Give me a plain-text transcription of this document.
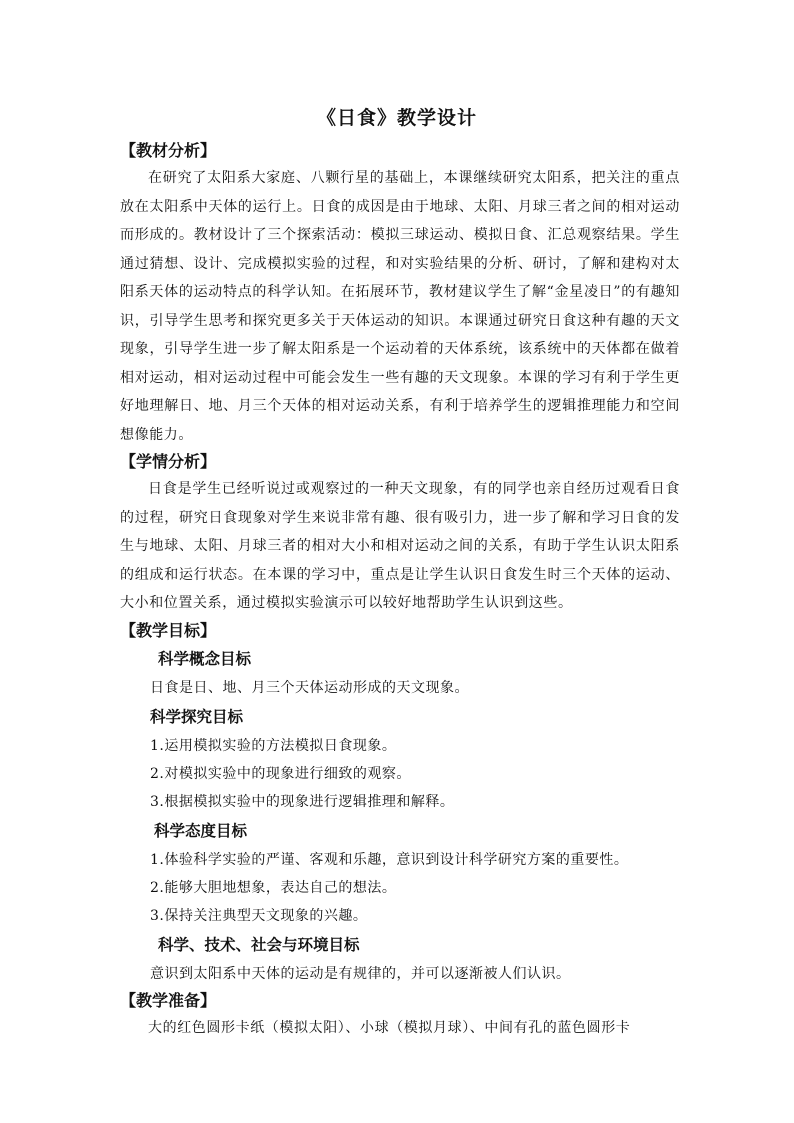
《日食》教学设计
【教材分析】

在研究了太阳系大家庭、八颗行星的基础上，本课继续研究太阳系，把关注的重点放在太阳系中天体的运行上。日食的成因是由于地球、太阳、月球三者之间的相对运动而形成的。教材设计了三个探索活动：模拟三球运动、模拟日食、汇总观察结果。学生通过猜想、设计、完成模拟实验的过程，和对实验结果的分析、研讨，了解和建构对太阳系天体的运动特点的科学认知。在拓展环节，教材建议学生了解“金星凌日”的有趣知识，引导学生思考和探究更多关于天体运动的知识。本课通过研究日食这种有趣的天文现象，引导学生进一步了解太阳系是一个运动着的天体系统，该系统中的天体都在做着相对运动，相对运动过程中可能会发生一些有趣的天文现象。本课的学习有利于学生更好地理解日、地、月三个天体的相对运动关系，有利于培养学生的逻辑推理能力和空间想像能力。

【学情分析】

日食是学生已经听说过或观察过的一种天文现象，有的同学也亲自经历过观看日食的过程，研究日食现象对学生来说非常有趣、很有吸引力，进一步了解和学习日食的发生与地球、太阳、月球三者的相对大小和相对运动之间的关系，有助于学生认识太阳系的组成和运行状态。在本课的学习中，重点是让学生认识日食发生时三个天体的运动、大小和位置关系，通过模拟实验演示可以较好地帮助学生认识到这些。

【教学目标】
科学概念目标

日食是日、地、月三个天体运动形成的天文现象。

科学探究目标

1.运用模拟实验的方法模拟日食现象。

2.对模拟实验中的现象进行细致的观察。

3.根据模拟实验中的现象进行逻辑推理和解释。

科学态度目标

1.体验科学实验的严谨、客观和乐趣，意识到设计科学研究方案的重要性。

2.能够大胆地想象，表达自己的想法。

3.保持关注典型天文现象的兴趣。

科学、技术、社会与环境目标

意识到太阳系中天体的运动是有规律的，并可以逐渐被人们认识。

【教学准备】

大的红色圆形卡纸（模拟太阳）、小球（模拟月球）、中间有孔的蓝色圆形卡
